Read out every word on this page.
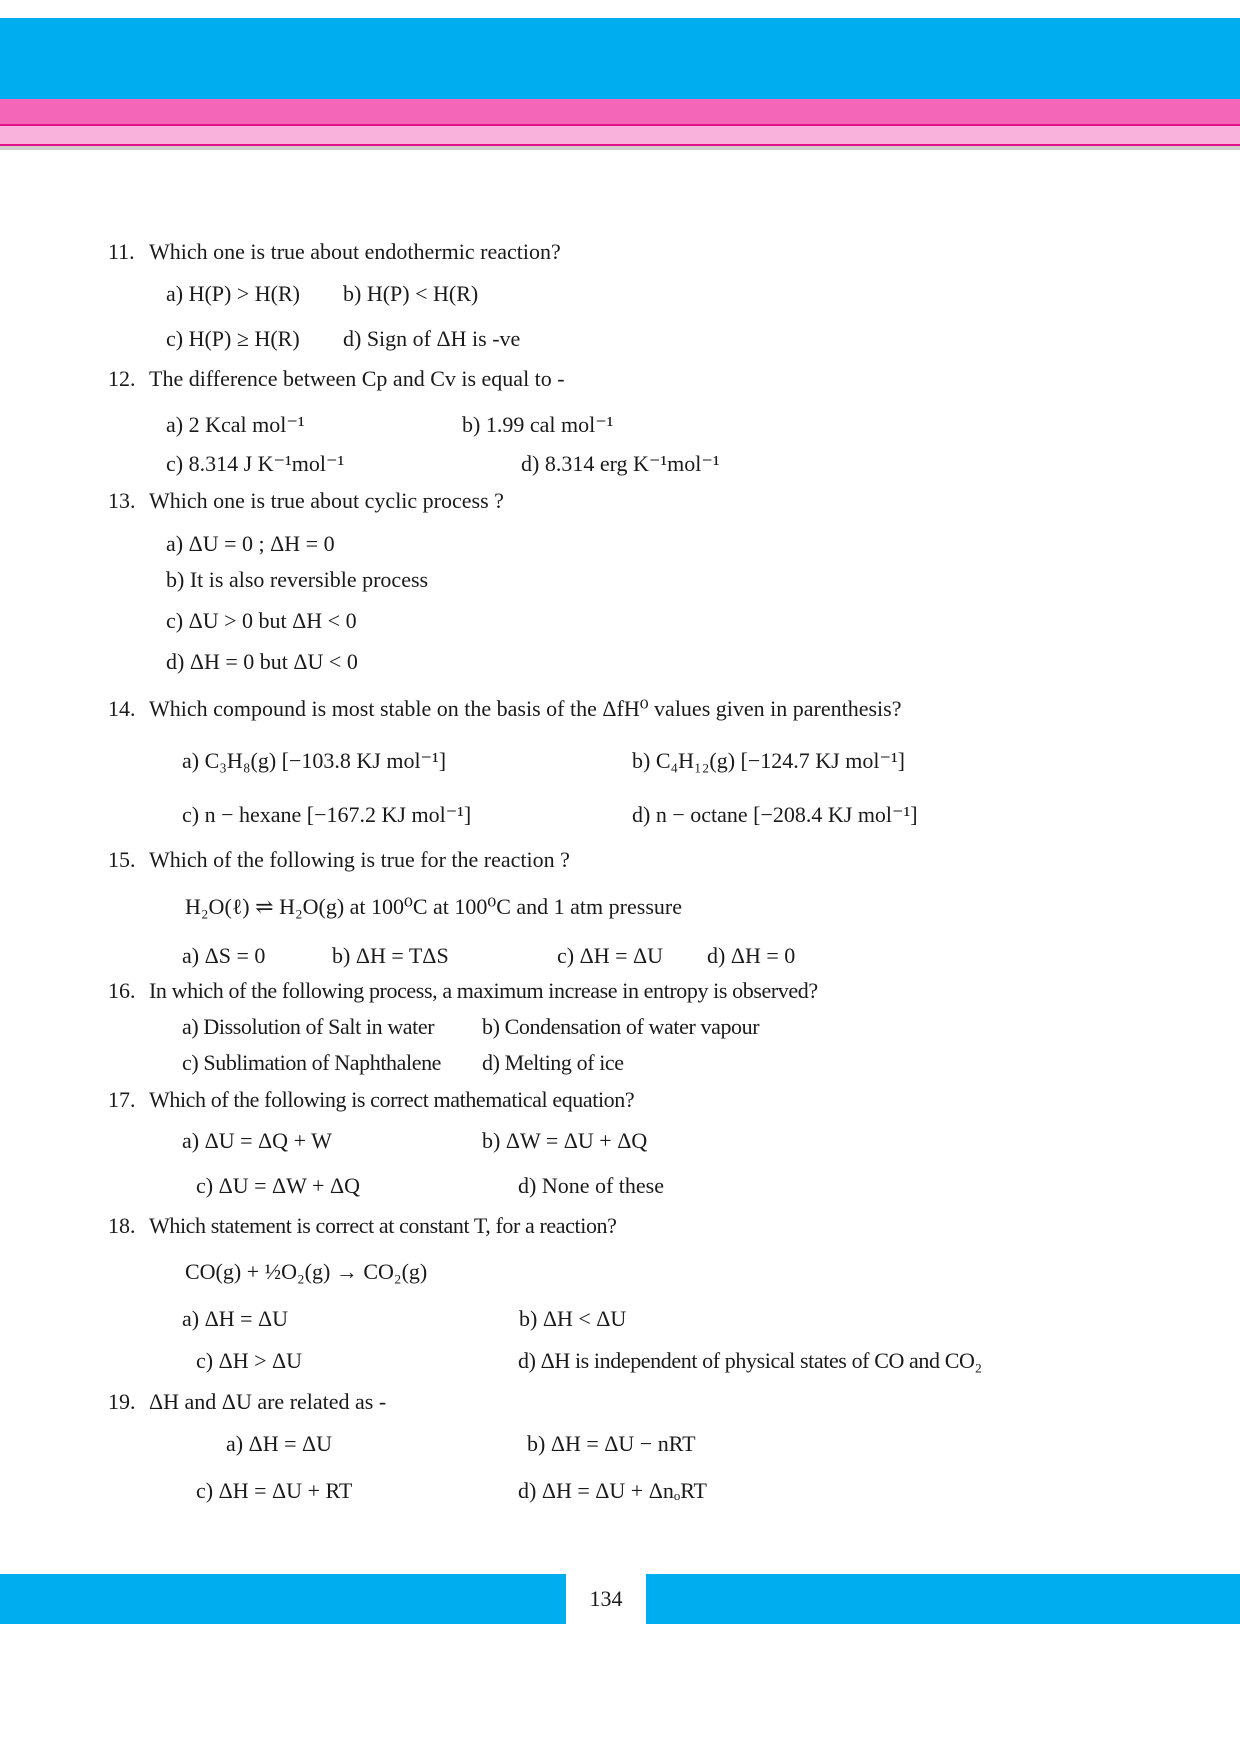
11. Which one is true about endothermic reaction?
a) H(P) > H(R) b) H(P) < H(R)
c) H(P) ≥ H(R) d) Sign of ΔH is -ve
12. The difference between Cp and Cv is equal to -
a) 2 Kcal mol⁻¹	b) 1.99 cal mol⁻¹
c) 8.314 J K⁻¹mol⁻¹	d) 8.314 erg K⁻¹mol⁻¹
13. Which one is true about cyclic process ?
a) ΔU = 0 ; ΔH = 0
b) It is also reversible process
c) ΔU > 0 but ΔH < 0
d) ΔH = 0 but ΔU < 0
14. Which compound is most stable on the basis of the ΔfH⁰ values given in parenthesis?
a) C₃H₈(g) [−103.8 KJ mol⁻¹]	b) C₄H₁₂(g) [−124.7 KJ mol⁻¹]
c) n − hexane [−167.2 KJ mol⁻¹]	d) n − octane [−208.4 KJ mol⁻¹]
15. Which of the following is true for the reaction ?
H₂O(ℓ) ⇌ H₂O(g) at 100⁰C at 100⁰C and 1 atm pressure
a) ΔS = 0	b) ΔH = TΔS	c) ΔH = ΔU d) ΔH = 0
16. In which of the following process, a maximum increase in entropy is observed?
a) Dissolution of Salt in water b) Condensation of water vapour
c) Sublimation of Naphthalene d) Melting of ice
17. Which of the following is correct mathematical equation?
a) ΔU = ΔQ + W	b) ΔW = ΔU + ΔQ
c) ΔU = ΔW + ΔQ	d) None of these
18. Which statement is correct at constant T, for a reaction?
CO(g) + ½O₂(g) → CO₂(g)
a) ΔH = ΔU	b) ΔH < ΔU
c) ΔH > ΔU	d) ΔH is independent of physical states of CO and CO₂
19. ΔH and ΔU are related as -
a) ΔH = ΔU	b) ΔH = ΔU − nRT
c) ΔH = ΔU + RT	d) ΔH = ΔU + ΔnₒRT
134
